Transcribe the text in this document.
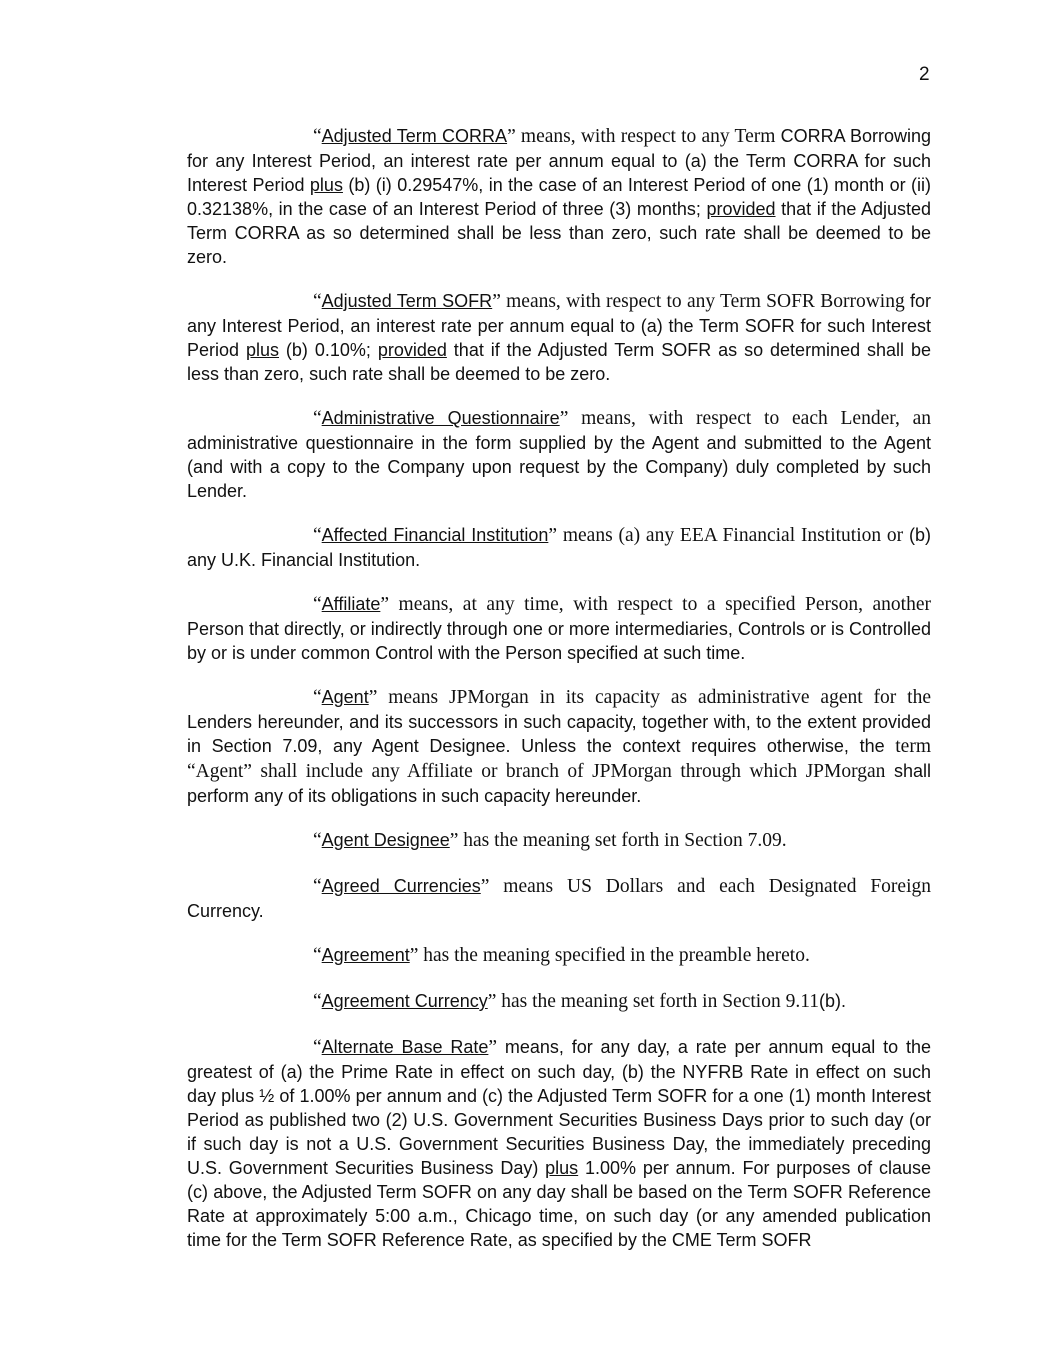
2

“Adjusted Term CORRA” means, with respect to any Term CORRA Borrowing for any Interest Period, an interest rate per annum equal to (a) the Term CORRA for such Interest Period plus (b) (i) 0.29547%, in the case of an Interest Period of one (1) month or (ii) 0.32138%, in the case of an Interest Period of three (3) months; provided that if the Adjusted Term CORRA as so determined shall be less than zero, such rate shall be deemed to be zero.

“Adjusted Term SOFR” means, with respect to any Term SOFR Borrowing for any Interest Period, an interest rate per annum equal to (a) the Term SOFR for such Interest Period plus (b) 0.10%; provided that if the Adjusted Term SOFR as so determined shall be less than zero, such rate shall be deemed to be zero.

“Administrative Questionnaire” means, with respect to each Lender, an administrative questionnaire in the form supplied by the Agent and submitted to the Agent (and with a copy to the Company upon request by the Company) duly completed by such Lender.

“Affected Financial Institution” means (a) any EEA Financial Institution or (b) any U.K. Financial Institution.

“Affiliate” means, at any time, with respect to a specified Person, another Person that directly, or indirectly through one or more intermediaries, Controls or is Controlled by or is under common Control with the Person specified at such time.

“Agent” means JPMorgan in its capacity as administrative agent for the Lenders hereunder, and its successors in such capacity, together with, to the extent provided in Section 7.09, any Agent Designee. Unless the context requires otherwise, the term “Agent” shall include any Affiliate or branch of JPMorgan through which JPMorgan shall perform any of its obligations in such capacity hereunder.

“Agent Designee” has the meaning set forth in Section 7.09.

“Agreed Currencies” means US Dollars and each Designated Foreign

Currency.

“Agreement” has the meaning specified in the preamble hereto.

“Agreement Currency” has the meaning set forth in Section 9.11(b).

“Alternate Base Rate” means, for any day, a rate per annum equal to the greatest of (a) the Prime Rate in effect on such day, (b) the NYFRB Rate in effect on such day plus ½ of 1.00% per annum and (c) the Adjusted Term SOFR for a one (1) month Interest Period as published two (2) U.S. Government Securities Business Days prior to such day (or if such day is not a U.S. Government Securities Business Day, the immediately preceding U.S. Government Securities Business Day) plus 1.00% per annum. For purposes of clause (c) above, the Adjusted Term SOFR on any day shall be based on the Term SOFR Reference Rate at approximately 5:00 a.m., Chicago time, on such day (or any amended publication time for the Term SOFR Reference Rate, as specified by the CME Term SOFR
